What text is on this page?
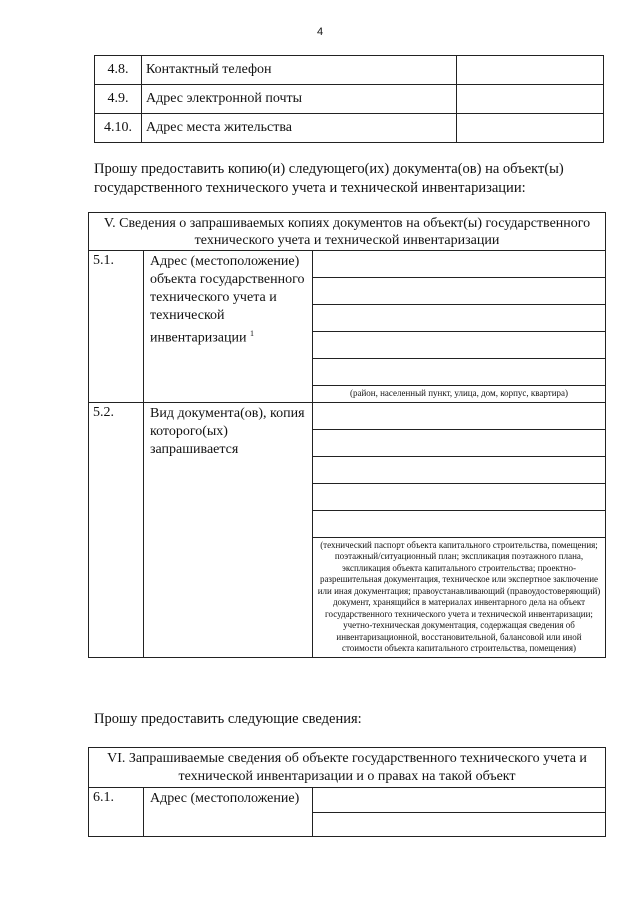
4
4.8.	Контактный телефон	
4.9.	Адрес электронной почты	
4.10.	Адрес места жительства	
Прошу предоставить копию(и) следующего(их) документа(ов) на объект(ы) государственного технического учета и технической инвентаризации:
V. Сведения о запрашиваемых копиях документов на объект(ы) государственного технического учета и технической инвентаризации		
5.1.	Адрес (местоположение) объекта государственного технического учета и технической инвентаризации $^1$	(район, населенный пункт, улица, дом, корпус, квартира)

5.2.	Вид документа(ов), копия которого(ых) запрашивается	(технический паспорт объекта капитального строительства, помещения; поэтажный/ситуационный план; экспликация поэтажного плана, экспликация объекта капитального строительства; проектно-разрешительная документация, техническое или экспертное заключение или иная документация; правоустанавливающий (правоудостоверяющий) документ, хранящийся в материалах инвентарного дела на объект государственного технического учета и технической инвентаризации; учетно-техническая документация, содержащая сведения об инвентаризационной, восстановительной, балансовой или иной стоимости объекта капитального строительства, помещения)
Прошу предоставить следующие сведения:
VI. Запрашиваемые сведения об объекте государственного технического учета и технической инвентаризации и о правах на такой объект
6.1.	Адрес (местоположение)	
